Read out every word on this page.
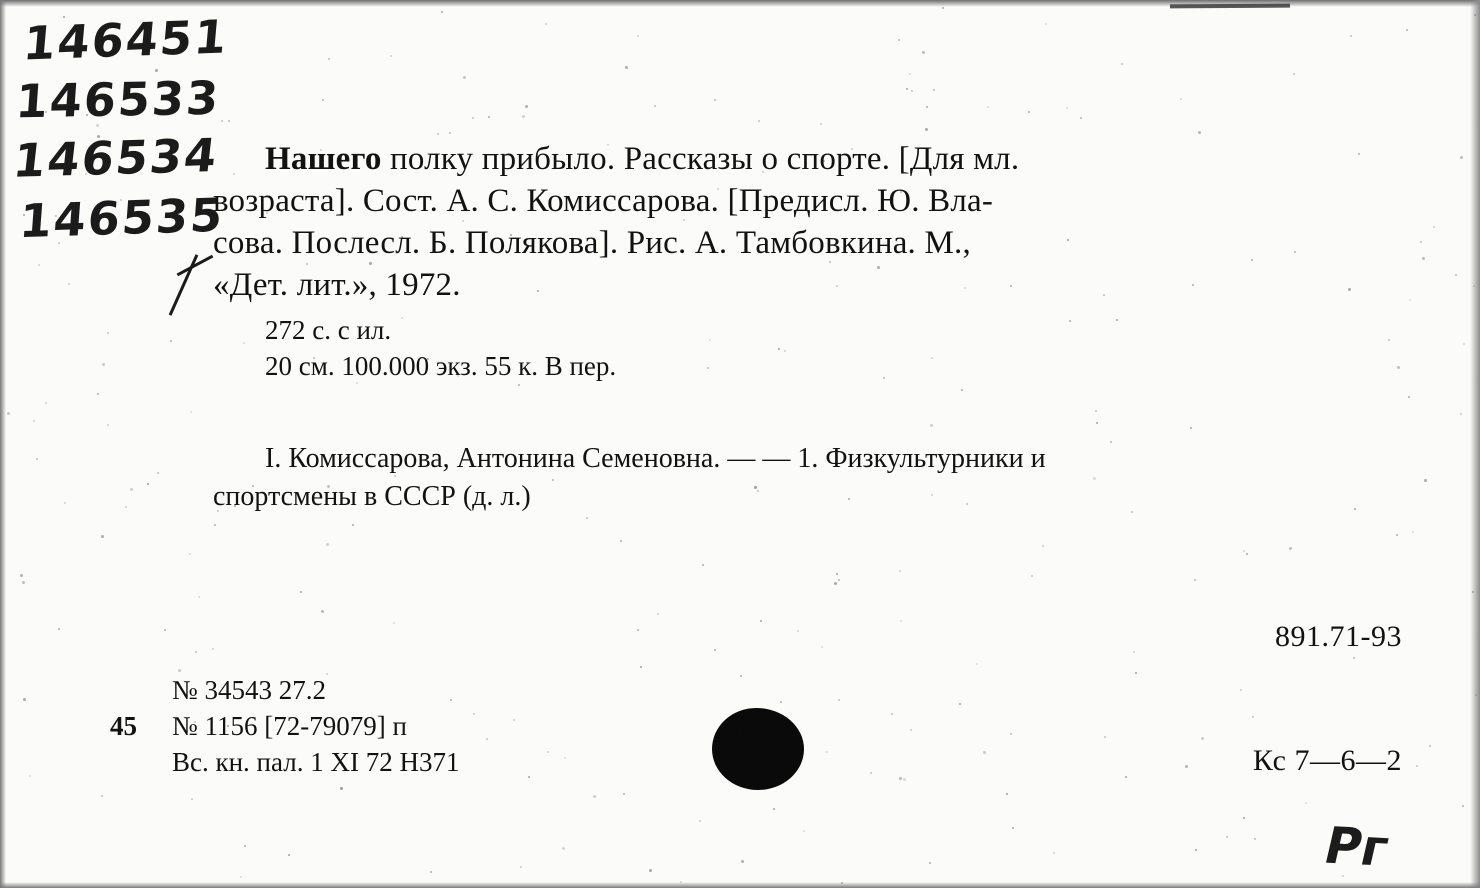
146451
146533
146534
146535
Нашего полку прибыло. Рассказы о спорте. [Для мл.
возраста]. Сост. А. С. Комиссарова. [Предисл. Ю. Вла-
сова. Послесл. Б. Полякова]. Рис. А. Тамбовкина. М.,
«Дет. лит.», 1972.
272 с. с ил.
20 см. 100.000 экз. 55 к. В пер.
I. Комиссарова, Антонина Семеновна. — — 1. Физкультурники и
спортсмены в СССР (д. л.)
№ 34543 27.2
45	№ 1156 [72-79079] п
Вс. кн. пал. 1 XI 72 Н371
891.71-93
Кс 7—6—2
Рг
